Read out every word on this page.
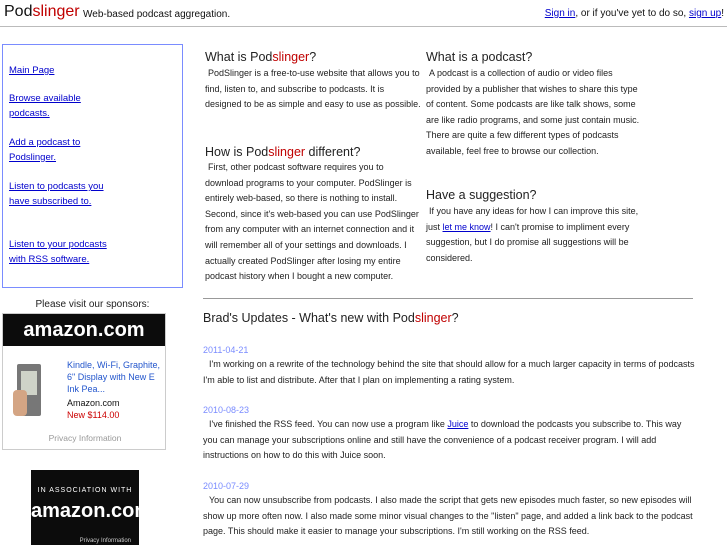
Podslinger Web-based podcast aggregation.	Sign in, or if you've yet to do so, sign up!
Main Page
Browse available podcasts.
Add a podcast to Podslinger.
Listen to podcasts you have subscribed to.
Listen to your podcasts with RSS software.
Please visit our sponsors:
amazon.com
Kindle, Wi-Fi, Graphite, 6" Display with New E Ink Pea...
Amazon.com
New $114.00
Privacy Information
IN ASSOCIATION WITH
amazon.com.
Privacy Information
What is Podslinger?
PodSlinger is a free-to-use website that allows you to find, listen to, and subscribe to podcasts. It is designed to be as simple and easy to use as possible.
How is Podslinger different?
First, other podcast software requires you to download programs to your computer. PodSlinger is entirely web-based, so there is nothing to install. Second, since it's web-based you can use PodSlinger from any computer with an internet connection and it will remember all of your settings and downloads. I actually created PodSlinger after losing my entire podcast history when I bought a new computer.
What is a podcast?
A podcast is a collection of audio or video files provided by a publisher that wishes to share this type of content. Some podcasts are like talk shows, some are like radio programs, and some just contain music. There are quite a few different types of podcasts available, feel free to browse our collection.
Have a suggestion?
If you have any ideas for how I can improve this site, just let me know! I can't promise to impliment every suggestion, but I do promise all suggestions will be considered.
Brad's Updates - What's new with Podslinger?
2011-04-21
I'm working on a rewrite of the technology behind the site that should allow for a much larger capacity in terms of podcasts I'm able to list and distribute. After that I plan on implementing a rating system.
2010-08-23
I've finished the RSS feed. You can now use a program like Juice to download the podcasts you subscribe to. This way you can manage your subscriptions online and still have the convenience of a podcast receiver program. I will add instructions on how to do this with Juice soon.
2010-07-29
You can now unsubscribe from podcasts. I also made the script that gets new episodes much faster, so new episodes will show up more often now. I also made some minor visual changes to the "listen" page, and added a link back to the podcast page. This should make it easier to manage your subscriptions. I'm still working on the RSS feed.
